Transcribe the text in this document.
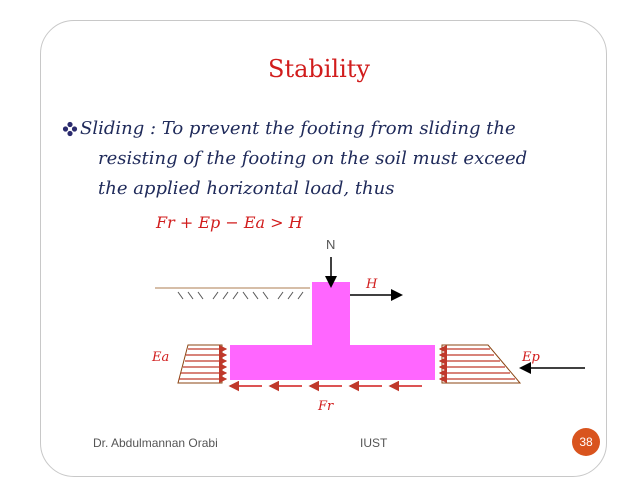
Stability
Sliding : To prevent the footing from sliding the
resisting of the footing on the soil must exceed
the applied horizontal load, thus
Fr + Ep − Ea > H
N
H
Ea	Ep
Fr
Dr. Abdulmannan Orabi	IUST	38
